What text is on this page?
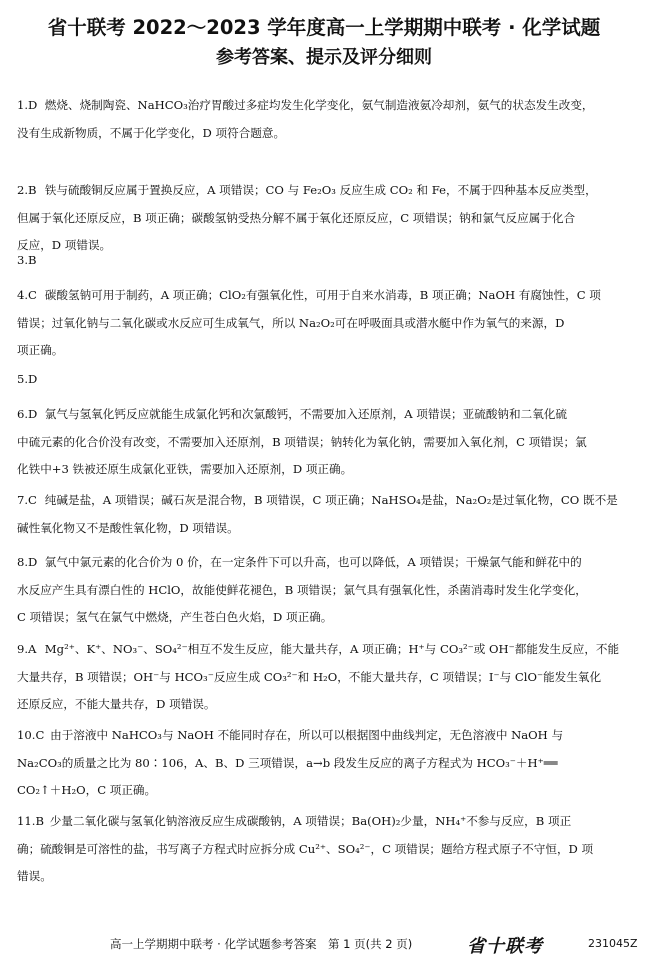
省十联考 2022～2023 学年度高一上学期期中联考 · 化学试题
参考答案、提示及评分细则
1.D  燃烧、烧制陶瓷、NaHCO₃治疗胃酸过多症均发生化学变化，氨气制造液氨冷却剂，氨气的状态发生改变，
没有生成新物质，不属于化学变化，D 项符合题意。
2.B  铁与硫酸铜反应属于置换反应，A 项错误；CO 与 Fe₂O₃ 反应生成 CO₂ 和 Fe，不属于四种基本反应类型，
但属于氧化还原反应，B 项正确；碳酸氢钠受热分解不属于氧化还原反应，C 项错误；钠和氯气反应属于化合
反应，D 项错误。
3.B 
4.C  碳酸氢钠可用于制药，A 项正确；ClO₂有强氧化性，可用于自来水消毒，B 项正确；NaOH 有腐蚀性，C 项
错误；过氧化钠与二氧化碳或水反应可生成氧气，所以 Na₂O₂可在呼吸面具或潜水艇中作为氧气的来源，D
项正确。
5.D 
6.D  氯气与氢氧化钙反应就能生成氯化钙和次氯酸钙，不需要加入还原剂，A 项错误；亚硫酸钠和二氧化硫
中硫元素的化合价没有改变，不需要加入还原剂，B 项错误；钠转化为氧化钠，需要加入氧化剂，C 项错误；氯
化铁中+3 铁被还原生成氯化亚铁，需要加入还原剂，D 项正确。
7.C  纯碱是盐，A 项错误；碱石灰是混合物，B 项错误，C 项正确；NaHSO₄是盐，Na₂O₂是过氧化物，CO 既不是
碱性氧化物又不是酸性氧化物，D 项错误。
8.D  氯气中氯元素的化合价为 0 价，在一定条件下可以升高，也可以降低，A 项错误；干燥氯气能和鲜花中的
水反应产生具有漂白性的 HClO，故能使鲜花褪色，B 项错误；氯气具有强氧化性，杀菌消毒时发生化学变化，
C 项错误；氢气在氯气中燃烧，产生苍白色火焰，D 项正确。
9.A  Mg²⁺、K⁺、NO₃⁻、SO₄²⁻相互不发生反应，能大量共存，A 项正确；H⁺与 CO₃²⁻或 OH⁻都能发生反应，不能
大量共存，B 项错误；OH⁻与 HCO₃⁻反应生成 CO₃²⁻和 H₂O，不能大量共存，C 项错误；I⁻与 ClO⁻能发生氧化
还原反应，不能大量共存，D 项错误。
10.C  由于溶液中 NaHCO₃与 NaOH 不能同时存在，所以可以根据图中曲线判定，无色溶液中 NaOH 与
Na₂CO₃的质量之比为 80∶106，A、B、D 三项错误，a→b 段发生反应的离子方程式为 HCO₃⁻＋H⁺══
CO₂↑＋H₂O，C 项正确。
11.B  少量二氧化碳与氢氧化钠溶液反应生成碳酸钠，A 项错误；Ba(OH)₂少量，NH₄⁺不参与反应，B 项正
确；硫酸铜是可溶性的盐，书写离子方程式时应拆分成 Cu²⁺、SO₄²⁻，C 项错误；题给方程式原子不守恒，D 项
错误。
高一上学期期中联考 · 化学试题参考答案　第 1 页(共 2 页)	省十联考	231045Z
